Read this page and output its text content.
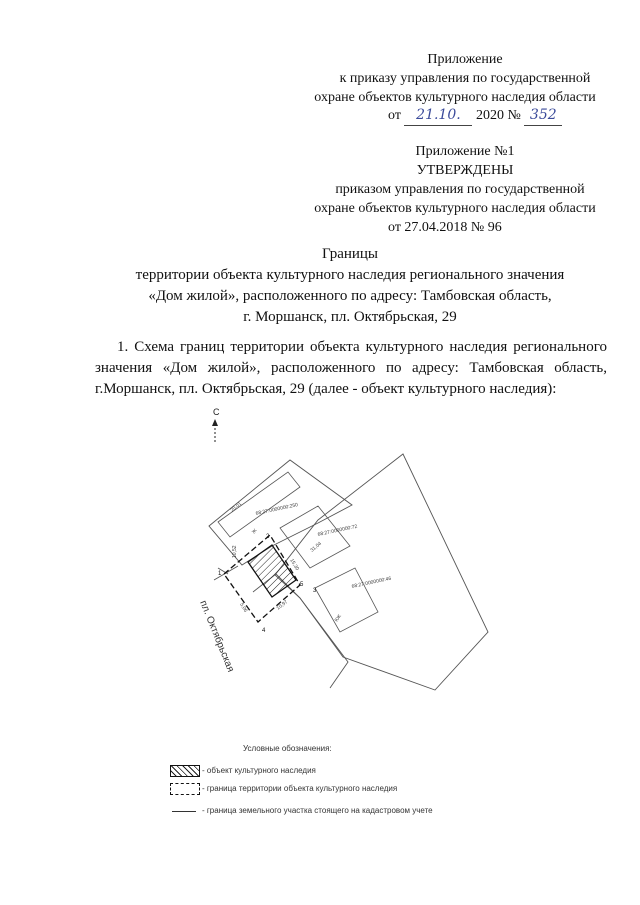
Приложение
к приказу управления по государственной
охране объектов культурного наследия области
от 21.10. 2020 № 352
Приложение №1
УТВЕРЖДЕНЫ
приказом управления по государственной
охране объектов культурного наследия области
от 27.04.2018 № 96
Границы
территории объекта культурного наследия регионального значения
«Дом жилой», расположенного по адресу: Тамбовская область,
г. Моршанск, пл. Октябрьская, 29
1. Схема границ территории объекта культурного наследия регионального значения «Дом жилой», расположенного по адресу: Тамбовская область, г.Моршанск, пл. Октябрьская, 29 (далее - объект культурного наследия):
С
пл. Октябрьская
68:27:0000000:250
68:27:0000000:72
68:27:0000000:46
20,01
10,52
10,97
15,30
5,06
31,04
Ж
КЖ
1
2
3
4
5
Условные обозначения:
- объект культурного наследия
- граница территории объекта культурного наследия
- граница земельного участка стоящего на кадастровом учете
